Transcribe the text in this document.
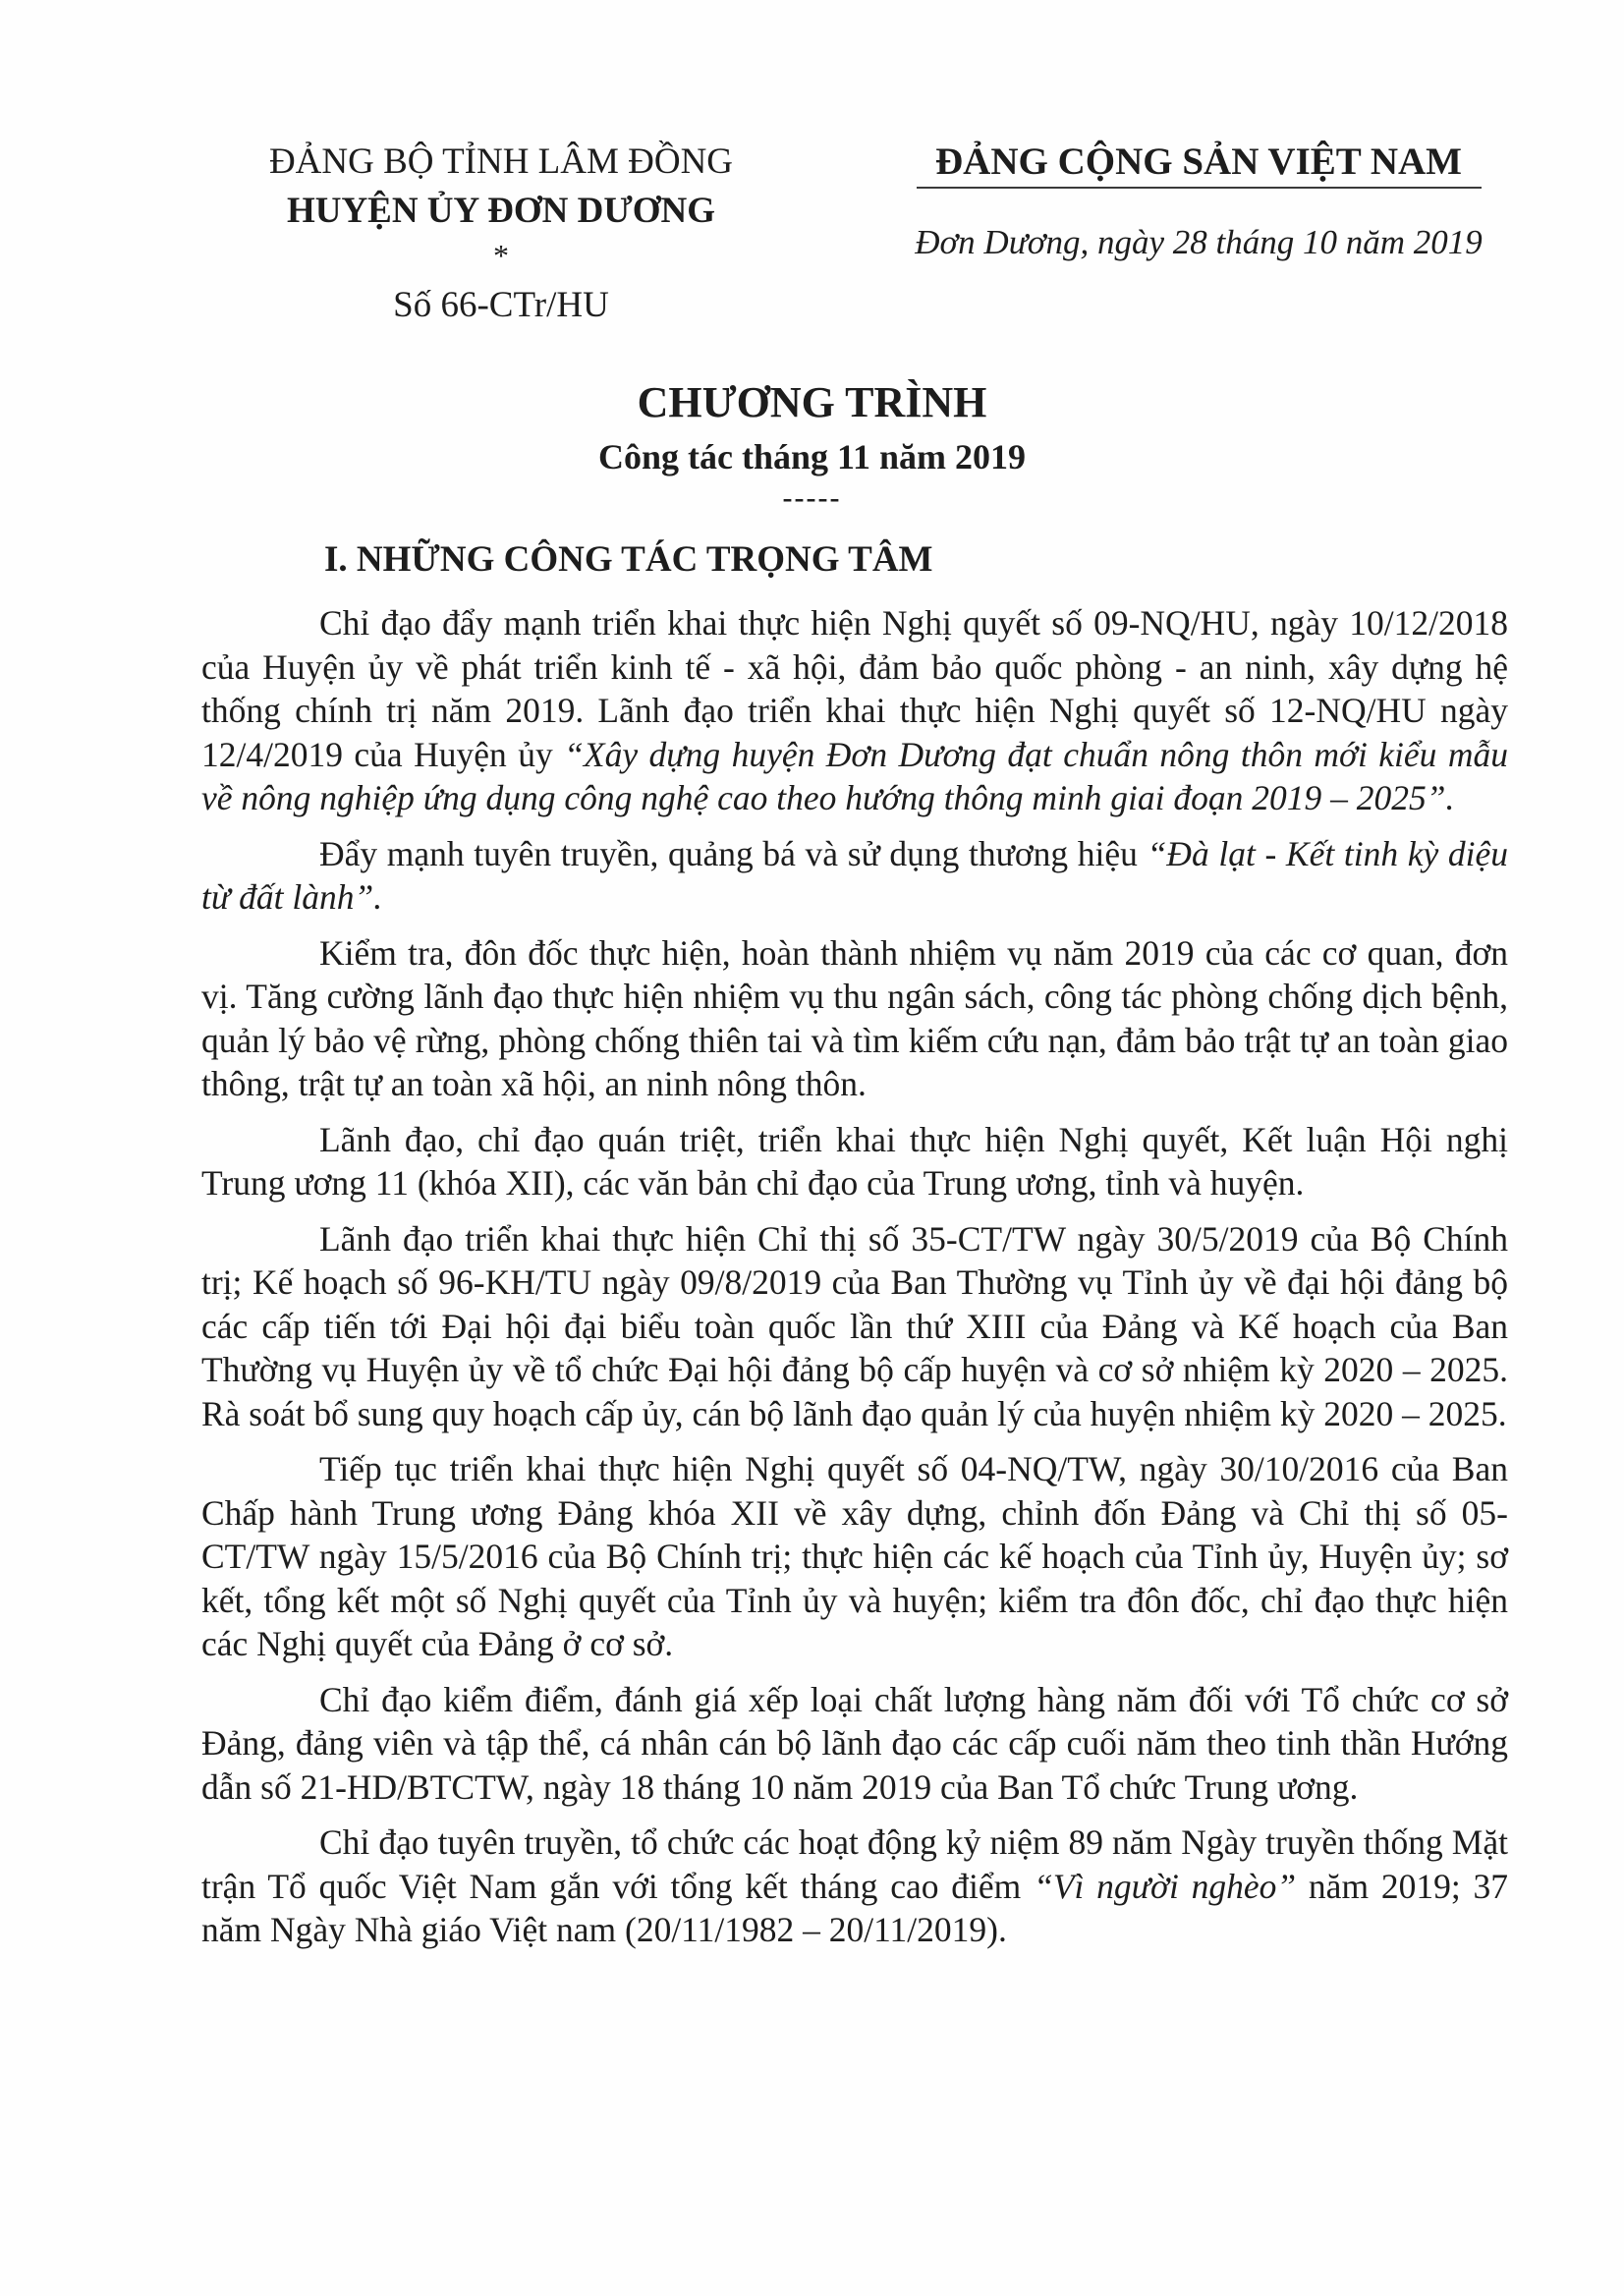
ĐẢNG BỘ TỈNH LÂM ĐỒNG
HUYỆN ỦY ĐƠN DƯƠNG
*
Số 66-CTr/HU
ĐẢNG CỘNG SẢN VIỆT NAM
Đơn Dương, ngày 28 tháng 10 năm 2019
CHƯƠNG TRÌNH
Công tác tháng 11 năm 2019
-----
I. NHỮNG CÔNG TÁC TRỌNG TÂM

Chỉ đạo đẩy mạnh triển khai thực hiện Nghị quyết số 09-NQ/HU, ngày 10/12/2018 của Huyện ủy về phát triển kinh tế - xã hội, đảm bảo quốc phòng - an ninh, xây dựng hệ thống chính trị năm 2019. Lãnh đạo triển khai thực hiện Nghị quyết số 12-NQ/HU ngày 12/4/2019 của Huyện ủy “Xây dựng huyện Đơn Dương đạt chuẩn nông thôn mới kiểu mẫu về nông nghiệp ứng dụng công nghệ cao theo hướng thông minh giai đoạn 2019 – 2025”.

Đẩy mạnh tuyên truyền, quảng bá và sử dụng thương hiệu “Đà lạt - Kết tinh kỳ diệu từ đất lành”.

Kiểm tra, đôn đốc thực hiện, hoàn thành nhiệm vụ năm 2019 của các cơ quan, đơn vị. Tăng cường lãnh đạo thực hiện nhiệm vụ thu ngân sách, công tác phòng chống dịch bệnh, quản lý bảo vệ rừng, phòng chống thiên tai và tìm kiếm cứu nạn, đảm bảo trật tự an toàn giao thông, trật tự an toàn xã hội, an ninh nông thôn.

Lãnh đạo, chỉ đạo quán triệt, triển khai thực hiện Nghị quyết, Kết luận Hội nghị Trung ương 11 (khóa XII), các văn bản chỉ đạo của Trung ương, tỉnh và huyện.

Lãnh đạo triển khai thực hiện Chỉ thị số 35-CT/TW ngày 30/5/2019 của Bộ Chính trị; Kế hoạch số 96-KH/TU ngày 09/8/2019 của Ban Thường vụ Tỉnh ủy về đại hội đảng bộ các cấp tiến tới Đại hội đại biểu toàn quốc lần thứ XIII của Đảng và Kế hoạch của Ban Thường vụ Huyện ủy về tổ chức Đại hội đảng bộ cấp huyện và cơ sở nhiệm kỳ 2020 – 2025. Rà soát bổ sung quy hoạch cấp ủy, cán bộ lãnh đạo quản lý của huyện nhiệm kỳ 2020 – 2025.

Tiếp tục triển khai thực hiện Nghị quyết số 04-NQ/TW, ngày 30/10/2016 của Ban Chấp hành Trung ương Đảng khóa XII về xây dựng, chỉnh đốn Đảng và Chỉ thị số 05-CT/TW ngày 15/5/2016 của Bộ Chính trị; thực hiện các kế hoạch của Tỉnh ủy, Huyện ủy; sơ kết, tổng kết một số Nghị quyết của Tỉnh ủy và huyện; kiểm tra đôn đốc, chỉ đạo thực hiện các Nghị quyết của Đảng ở cơ sở.

Chỉ đạo kiểm điểm, đánh giá xếp loại chất lượng hàng năm đối với Tổ chức cơ sở Đảng, đảng viên và tập thể, cá nhân cán bộ lãnh đạo các cấp cuối năm theo tinh thần Hướng dẫn số 21-HD/BTCTW, ngày 18 tháng 10 năm 2019 của Ban Tổ chức Trung ương.

Chỉ đạo tuyên truyền, tổ chức các hoạt động kỷ niệm 89 năm Ngày truyền thống Mặt trận Tổ quốc Việt Nam gắn với tổng kết tháng cao điểm “Vì người nghèo” năm 2019; 37 năm Ngày Nhà giáo Việt nam (20/11/1982 – 20/11/2019).
